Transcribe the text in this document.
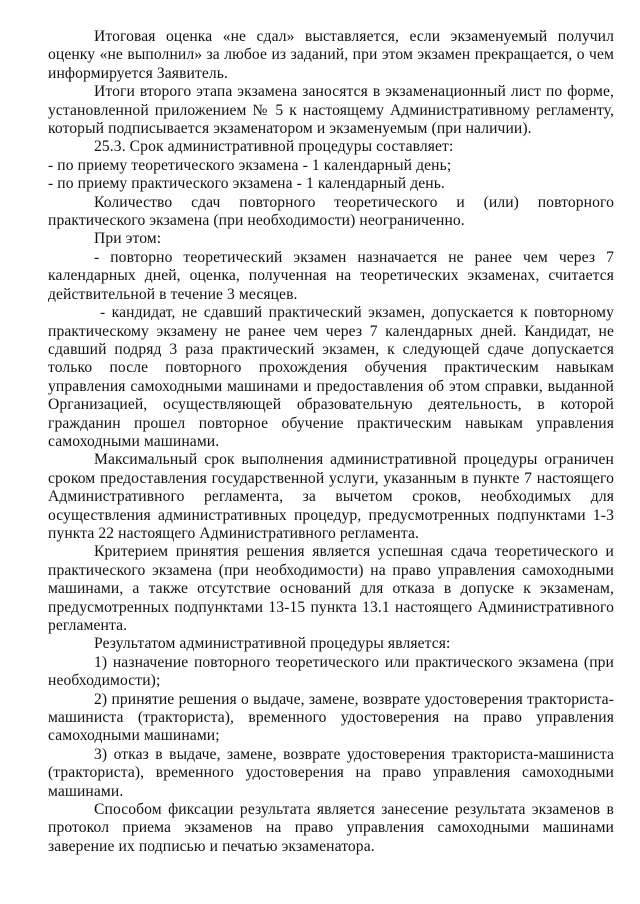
Итоговая оценка «не сдал» выставляется, если экзаменуемый получил оценку «не выполнил» за любое из заданий, при этом экзамен прекращается, о чем информируется Заявитель.

Итоги второго этапа экзамена заносятся в экзаменационный лист по форме, установленной приложением № 5 к настоящему Административному регламенту, который подписывается экзаменатором и экзаменуемым (при наличии).

25.3. Срок административной процедуры составляет:

- по приему теоретического экзамена - 1 календарный день;

- по приему практического экзамена - 1 календарный день.

Количество сдач повторного теоретического и (или) повторного практического экзамена (при необходимости) неограниченно.

При этом:

- повторно теоретический экзамен назначается не ранее чем через 7 календарных дней, оценка, полученная на теоретических экзаменах, считается действительной в течение 3 месяцев.

- кандидат, не сдавший практический экзамен, допускается к повторному практическому экзамену не ранее чем через 7 календарных дней. Кандидат, не сдавший подряд 3 раза практический экзамен, к следующей сдаче допускается только после повторного прохождения обучения практическим навыкам управления самоходными машинами и предоставления об этом справки, выданной Организацией, осуществляющей образовательную деятельность, в которой гражданин прошел повторное обучение практическим навыкам управления самоходными машинами.

Максимальный срок выполнения административной процедуры ограничен сроком предоставления государственной услуги, указанным в пункте 7 настоящего Административного регламента, за вычетом сроков, необходимых для осуществления административных процедур, предусмотренных подпунктами 1-3 пункта 22 настоящего Административного регламента.

Критерием принятия решения является успешная сдача теоретического и практического экзамена (при необходимости) на право управления самоходными машинами, а также отсутствие оснований для отказа в допуске к экзаменам, предусмотренных подпунктами 13-15 пункта 13.1 настоящего Административного регламента.

Результатом административной процедуры является:

1) назначение повторного теоретического или практического экзамена (при необходимости);

2) принятие решения о выдаче, замене, возврате удостоверения тракториста-машиниста (тракториста), временного удостоверения на право управления самоходными машинами;

3) отказ в выдаче, замене, возврате удостоверения тракториста-машиниста (тракториста), временного удостоверения на право управления самоходными машинами.

Способом фиксации результата является занесение результата экзаменов в протокол приема экзаменов на право управления самоходными машинами заверение их подписью и печатью экзаменатора.
